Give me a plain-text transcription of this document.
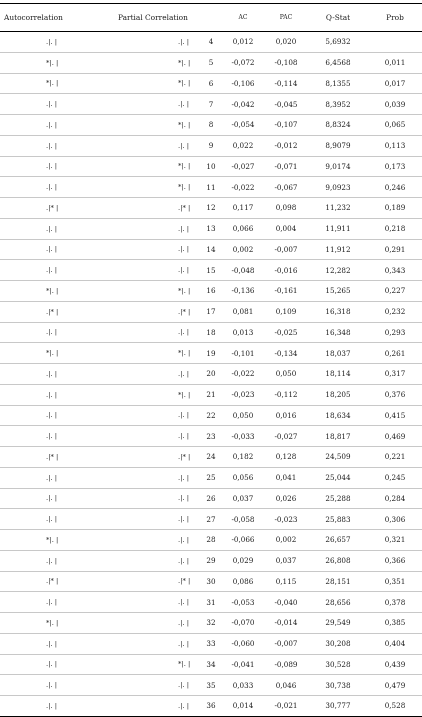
Autocorrelation	Partial Correlation		AC	PAC	Q-Stat	Prob
.|. |	.|. |	4	0,012	0,020	5,6932	
*|. |	*|. |	5	-0,072	-0,108	6,4568	0,011
*|. |	*|. |	6	-0,106	-0,114	8,1355	0,017
.|. |	.|. |	7	-0,042	-0,045	8,3952	0,039
.|. |	*|. |	8	-0,054	-0,107	8,8324	0,065
.|. |	.|. |	9	0,022	-0,012	8,9079	0,113
.|. |	*|. |	10	-0,027	-0,071	9,0174	0,173
.|. |	*|. |	11	-0,022	-0,067	9,0923	0,246
.|* |	.|* |	12	0,117	0,098	11,232	0,189
.|. |	.|. |	13	0,066	0,004	11,911	0,218
.|. |	.|. |	14	0,002	-0,007	11,912	0,291
.|. |	.|. |	15	-0,048	-0,016	12,282	0,343
*|. |	*|. |	16	-0,136	-0,161	15,265	0,227
.|* |	.|* |	17	0,081	0,109	16,318	0,232
.|. |	.|. |	18	0,013	-0,025	16,348	0,293
*|. |	*|. |	19	-0,101	-0,134	18,037	0,261
.|. |	.|. |	20	-0,022	0,050	18,114	0,317
.|. |	*|. |	21	-0,023	-0,112	18,205	0,376
.|. |	.|. |	22	0,050	0,016	18,634	0,415
.|. |	.|. |	23	-0,033	-0,027	18,817	0,469
.|* |	.|* |	24	0,182	0,128	24,509	0,221
.|. |	.|. |	25	0,056	0,041	25,044	0,245
.|. |	.|. |	26	0,037	0,026	25,288	0,284
.|. |	.|. |	27	-0,058	-0,023	25,883	0,306
*|. |	.|. |	28	-0,066	0,002	26,657	0,321
.|. |	.|. |	29	0,029	0,037	26,808	0,366
.|* |	.|* |	30	0,086	0,115	28,151	0,351
.|. |	.|. |	31	-0,053	-0,040	28,656	0,378
*|. |	.|. |	32	-0,070	-0,014	29,549	0,385
.|. |	.|. |	33	-0,060	-0,007	30,208	0,404
.|. |	*|. |	34	-0,041	-0,089	30,528	0,439
.|. |	.|. |	35	0,033	0,046	30,738	0,479
.|. |	.|. |	36	0,014	-0,021	30,777	0,528
